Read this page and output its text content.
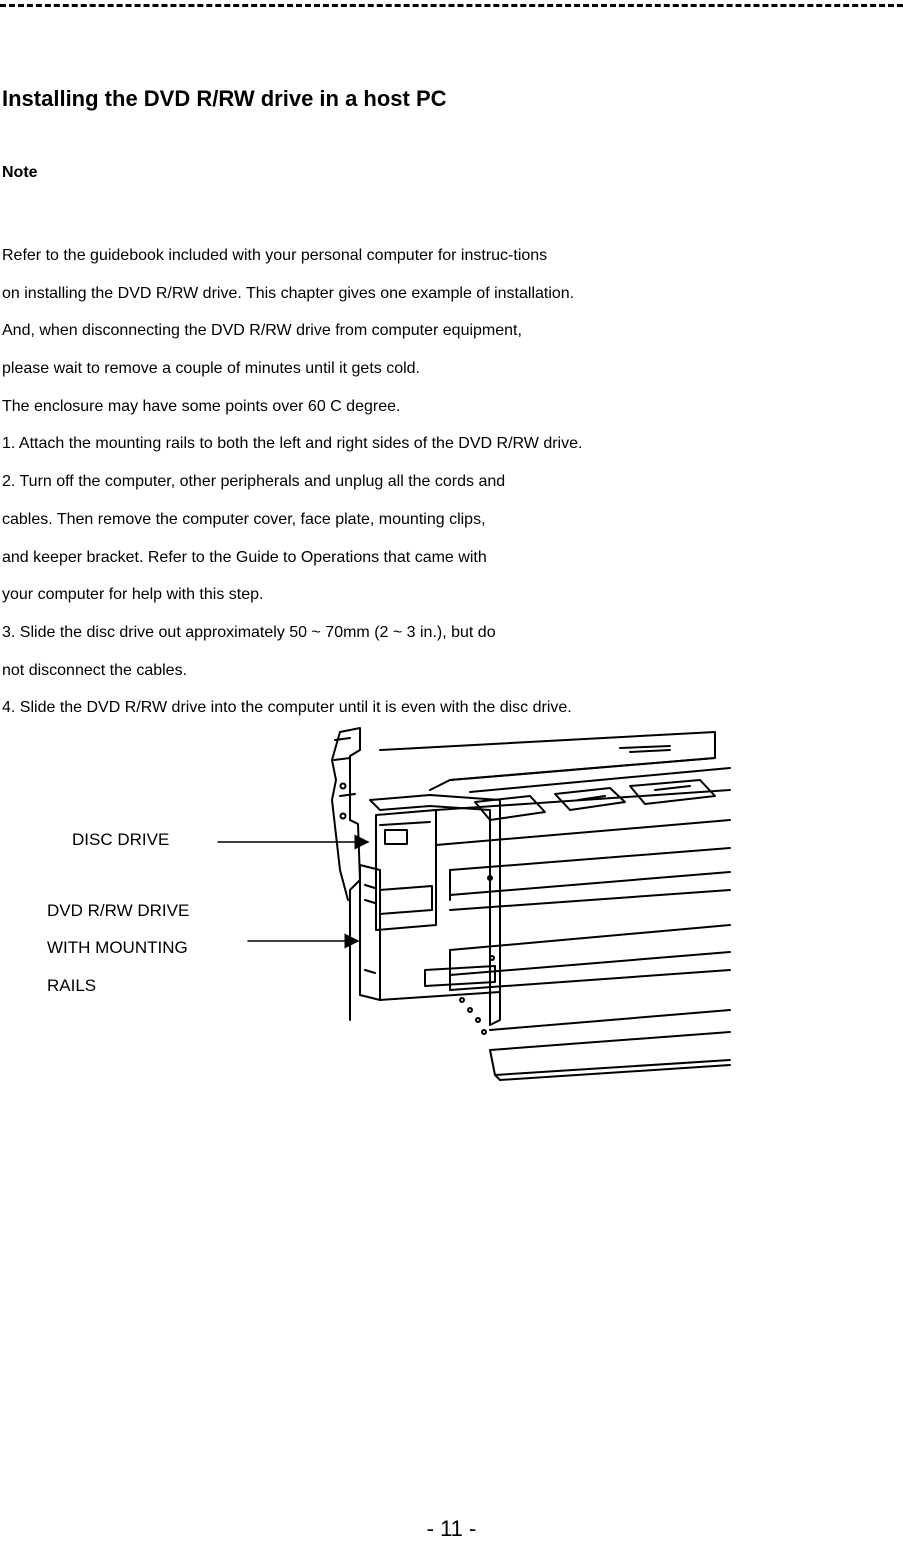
Installing the DVD R/RW drive in a host PC
Note
Refer to the guidebook included with your personal computer for instruc-tions
on installing the DVD R/RW drive. This chapter gives one example of installation.
And, when disconnecting the DVD R/RW drive from computer equipment,
please wait to remove a couple of minutes until it gets cold.
The enclosure may have some points over 60 C degree.
1. Attach the mounting rails to both the left and right sides of the DVD R/RW drive.
2. Turn off the computer, other peripherals and unplug all the cords and
cables. Then remove the computer cover, face plate, mounting clips,
and keeper bracket. Refer to the Guide to Operations that came with
your computer for help with this step.
3. Slide the disc drive out approximately 50 ~ 70mm (2 ~ 3 in.), but do
not disconnect the cables.
4. Slide the DVD R/RW drive into the computer until it is even with the disc drive.
DISC DRIVE
DVD R/RW DRIVE
WITH MOUNTING
RAILS
- 11 -
